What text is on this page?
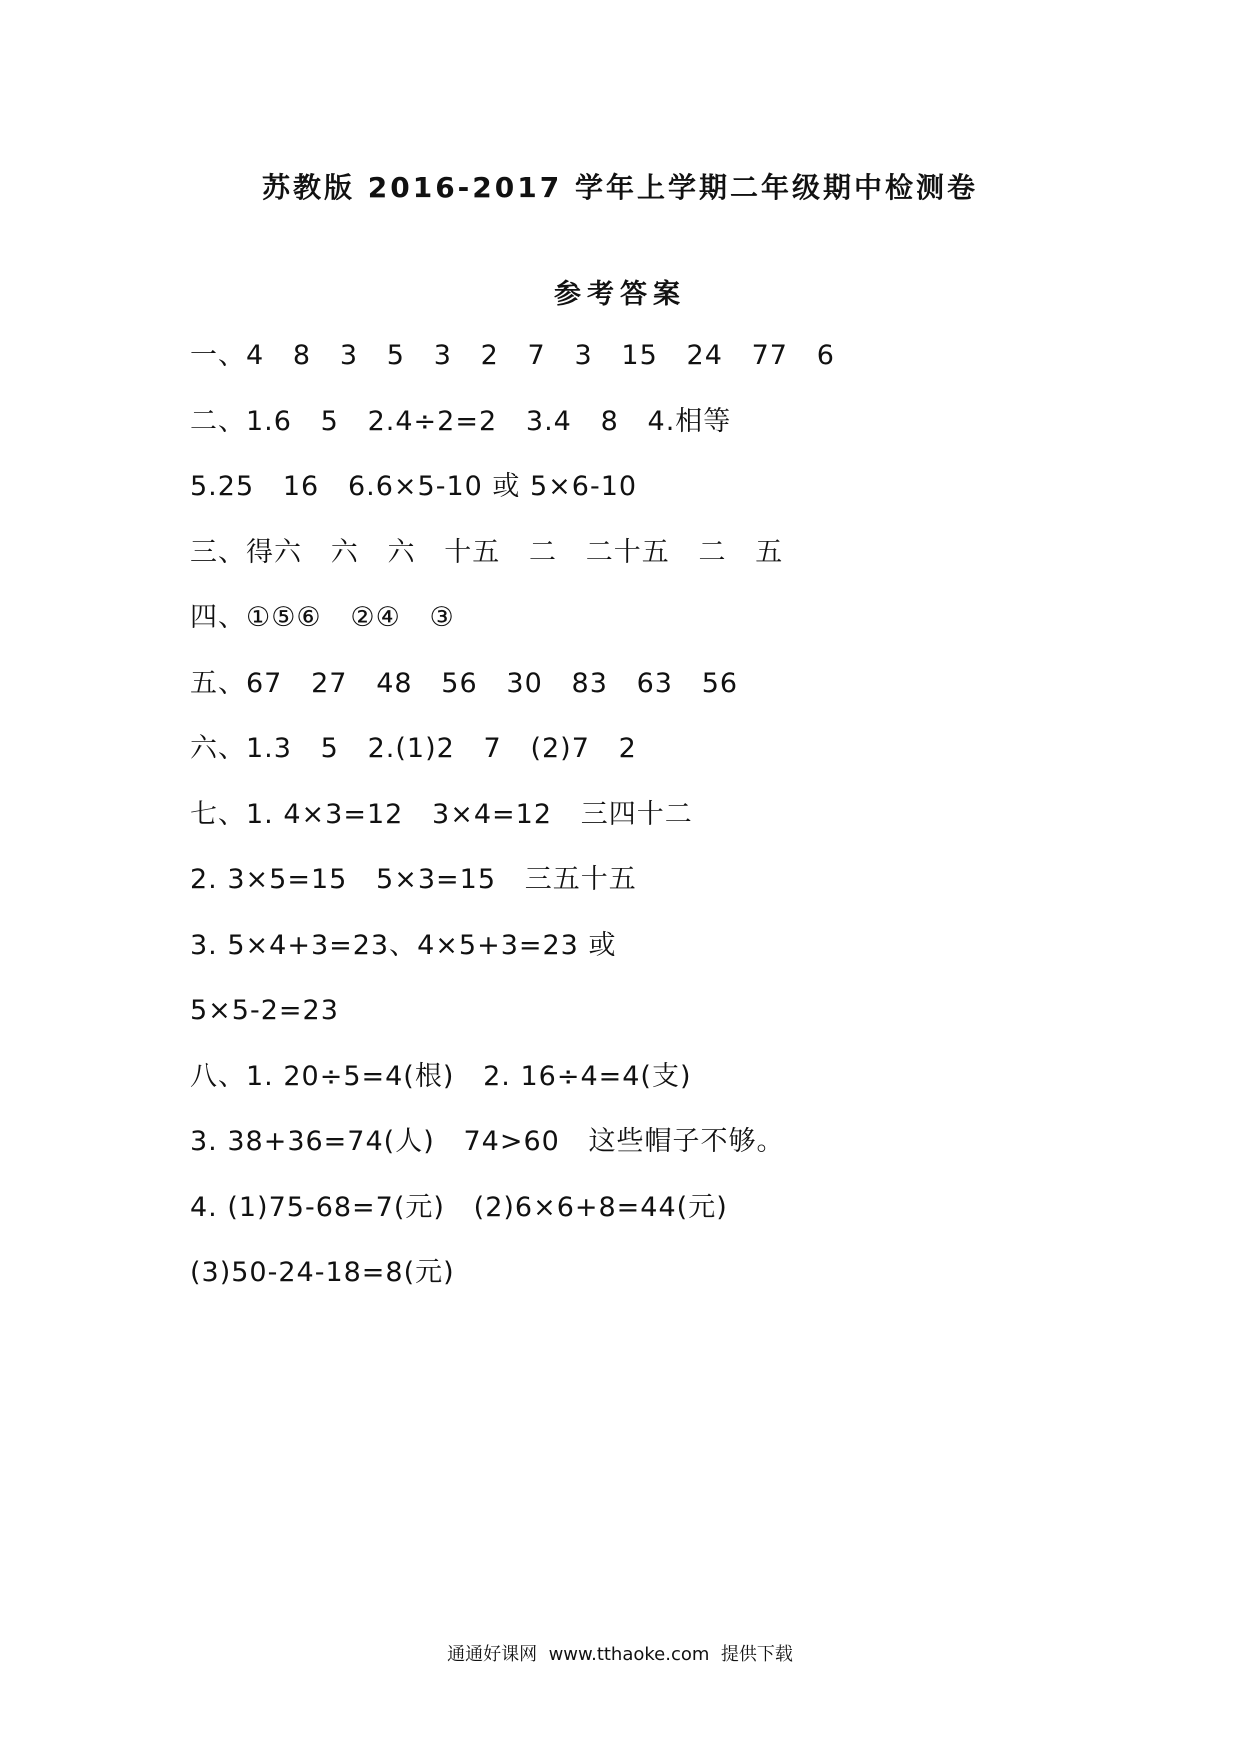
苏教版 2016-2017 学年上学期二年级期中检测卷
参考答案
一、4   8   3   5   3   2   7   3   15   24   77   6
二、1.6   5   2.4÷2=2   3.4   8   4.相等
5.25   16   6.6×5-10 或 5×6-10
三、得六   六   六   十五   二   二十五   二   五
四、①⑤⑥   ②④   ③
五、67   27   48   56   30   83   63   56
六、1.3   5   2.(1)2   7   (2)7   2
七、1. 4×3=12   3×4=12   三四十二
2. 3×5=15   5×3=15   三五十五
3. 5×4+3=23、4×5+3=23 或
5×5-2=23
八、1. 20÷5=4(根)   2. 16÷4=4(支)
3. 38+36=74(人)   74>60   这些帽子不够。
4. (1)75-68=7(元)   (2)6×6+8=44(元)
(3)50-24-18=8(元)
通通好课网  www.tthaoke.com  提供下载
